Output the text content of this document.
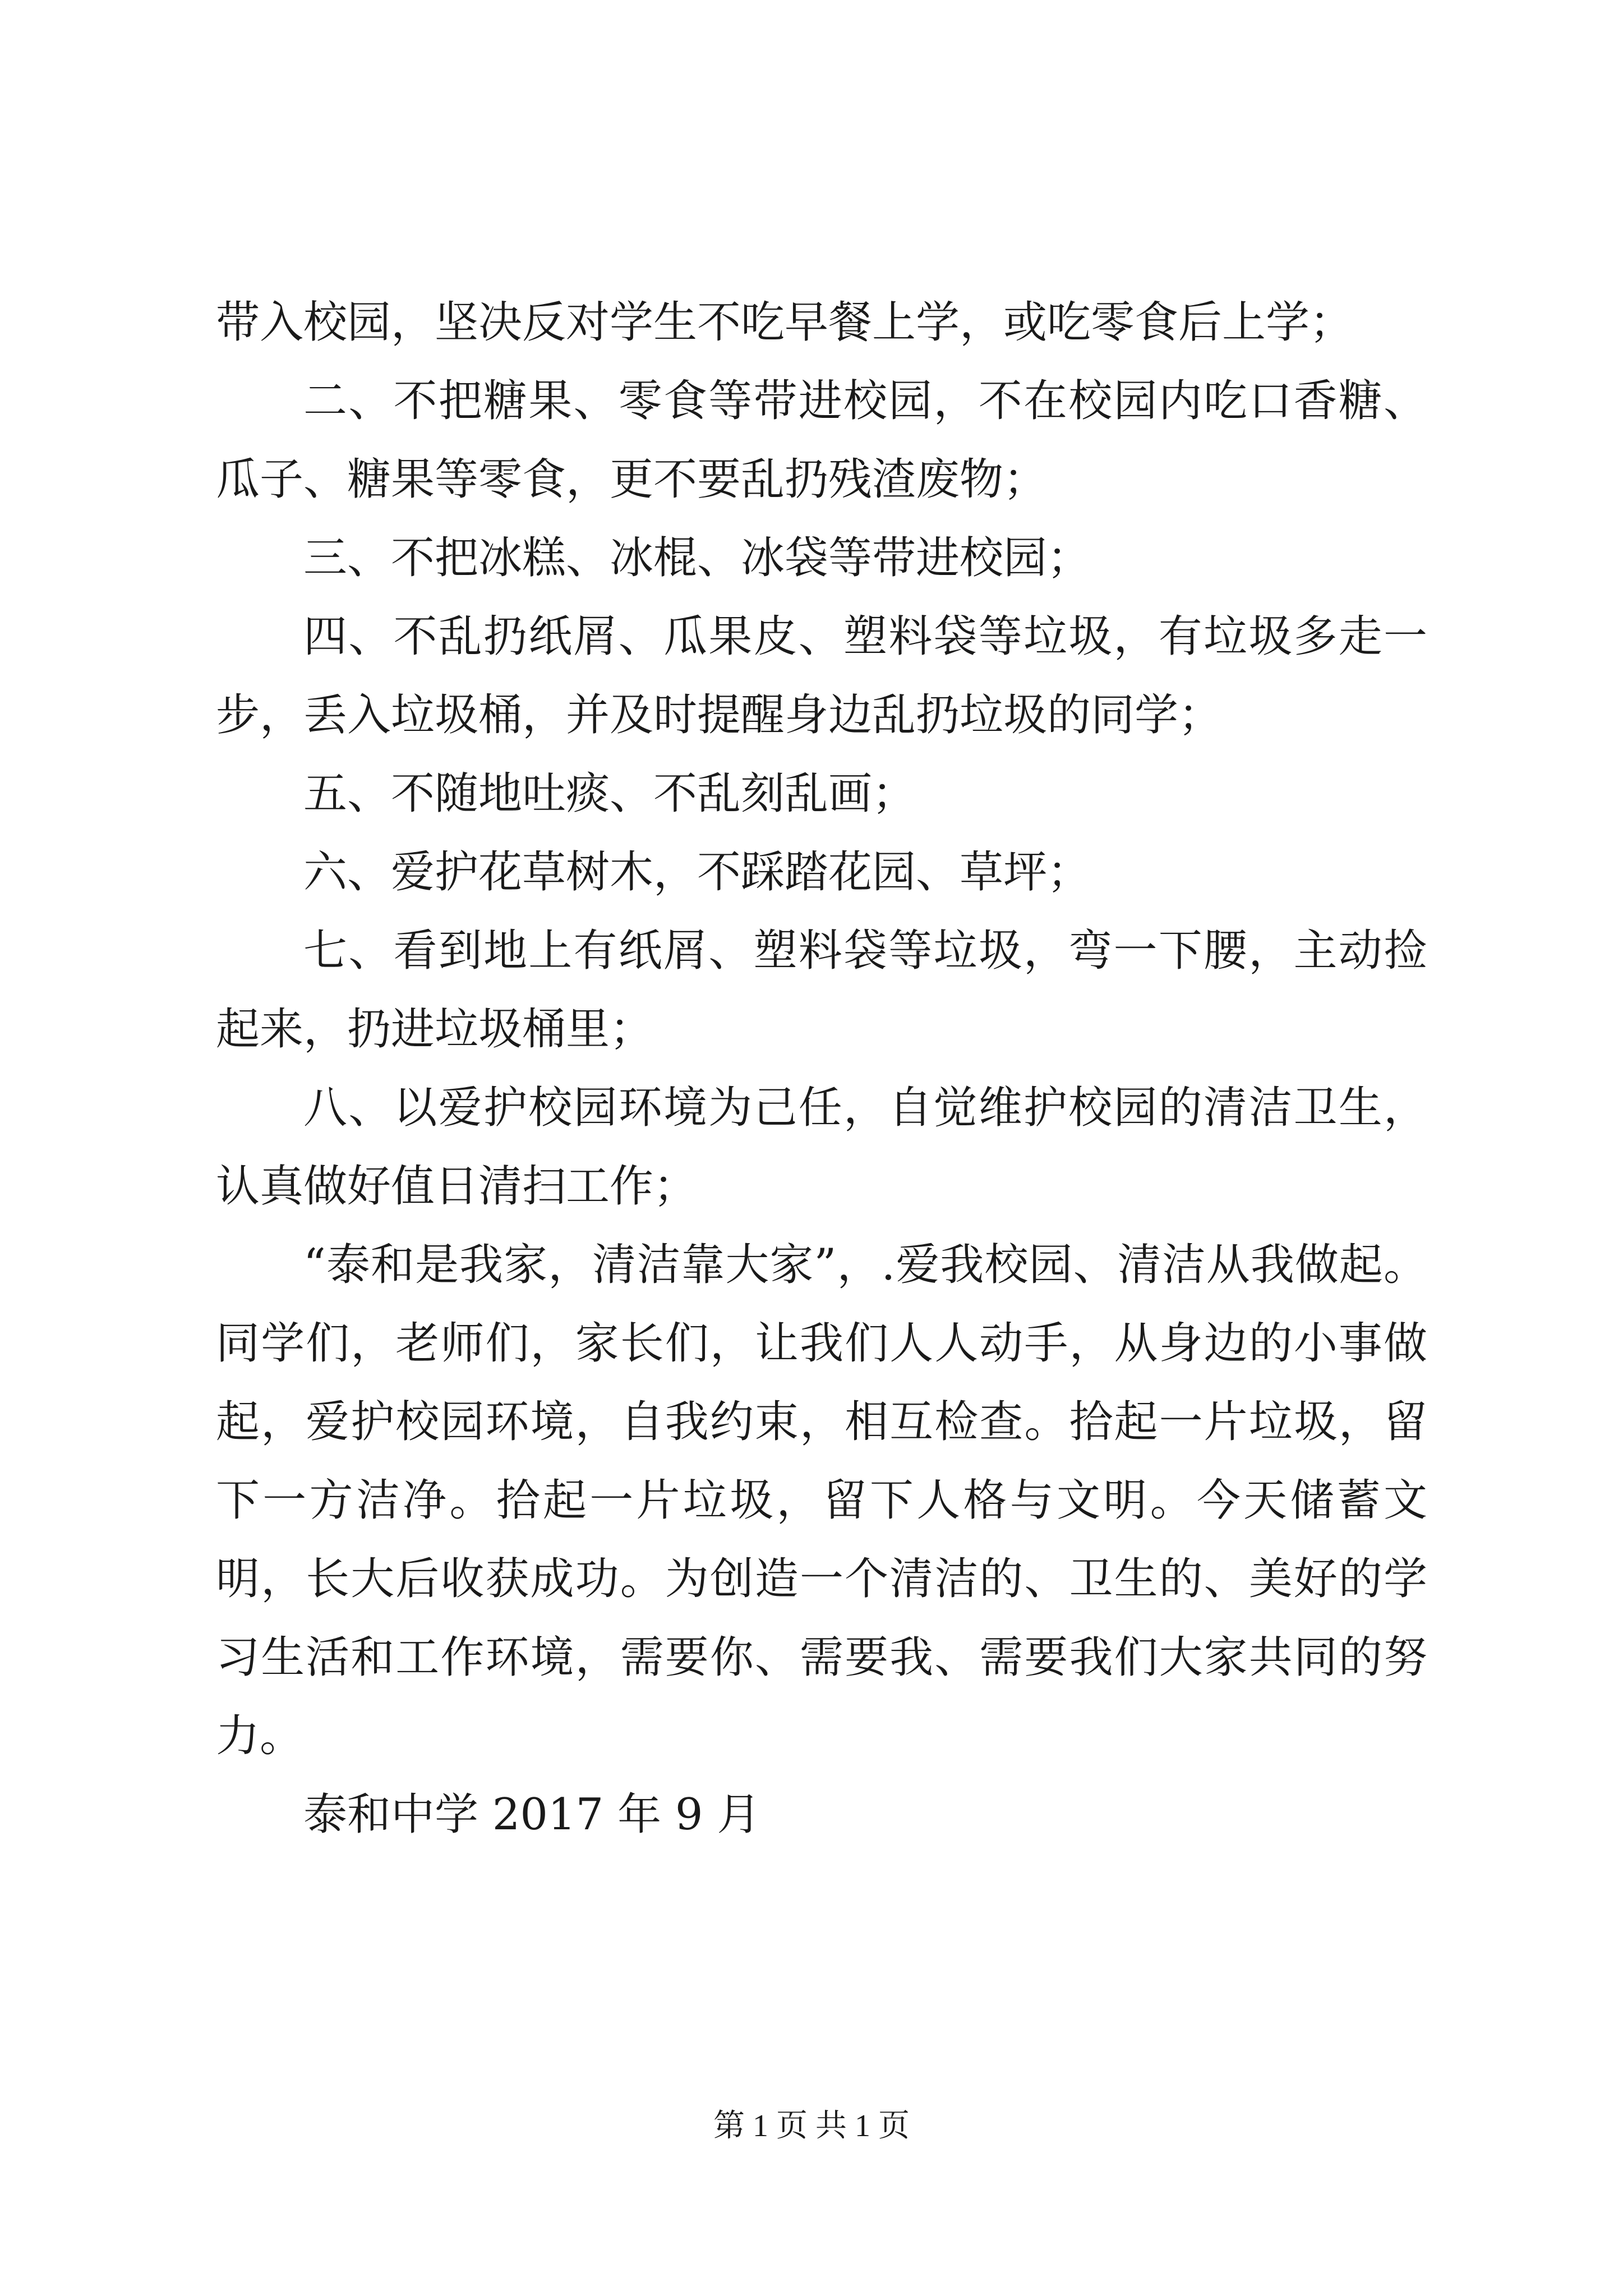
带入校园，坚决反对学生不吃早餐上学，或吃零食后上学；

二、不把糖果、零食等带进校园，不在校园内吃口香糖、瓜子、糖果等零食，更不要乱扔残渣废物；

三、不把冰糕、冰棍、冰袋等带进校园；

四、不乱扔纸屑、瓜果皮、塑料袋等垃圾，有垃圾多走一步，丢入垃圾桶，并及时提醒身边乱扔垃圾的同学；

五、不随地吐痰、不乱刻乱画；

六、爱护花草树木，不踩踏花园、草坪；

七、看到地上有纸屑、塑料袋等垃圾，弯一下腰，主动捡起来，扔进垃圾桶里；

八、以爱护校园环境为己任，自觉维护校园的清洁卫生，认真做好值日清扫工作；

“泰和是我家，清洁靠大家”，.爱我校园、清洁从我做起。同学们，老师们，家长们，让我们人人动手，从身边的小事做起，爱护校园环境，自我约束，相互检查。拾起一片垃圾，留下一方洁净。拾起一片垃圾，留下人格与文明。今天储蓄文明，长大后收获成功。为创造一个清洁的、卫生的、美好的学习生活和工作环境，需要你、需要我、需要我们大家共同的努力。

泰和中学 2017 年 9 月

第 1 页 共 1 页
